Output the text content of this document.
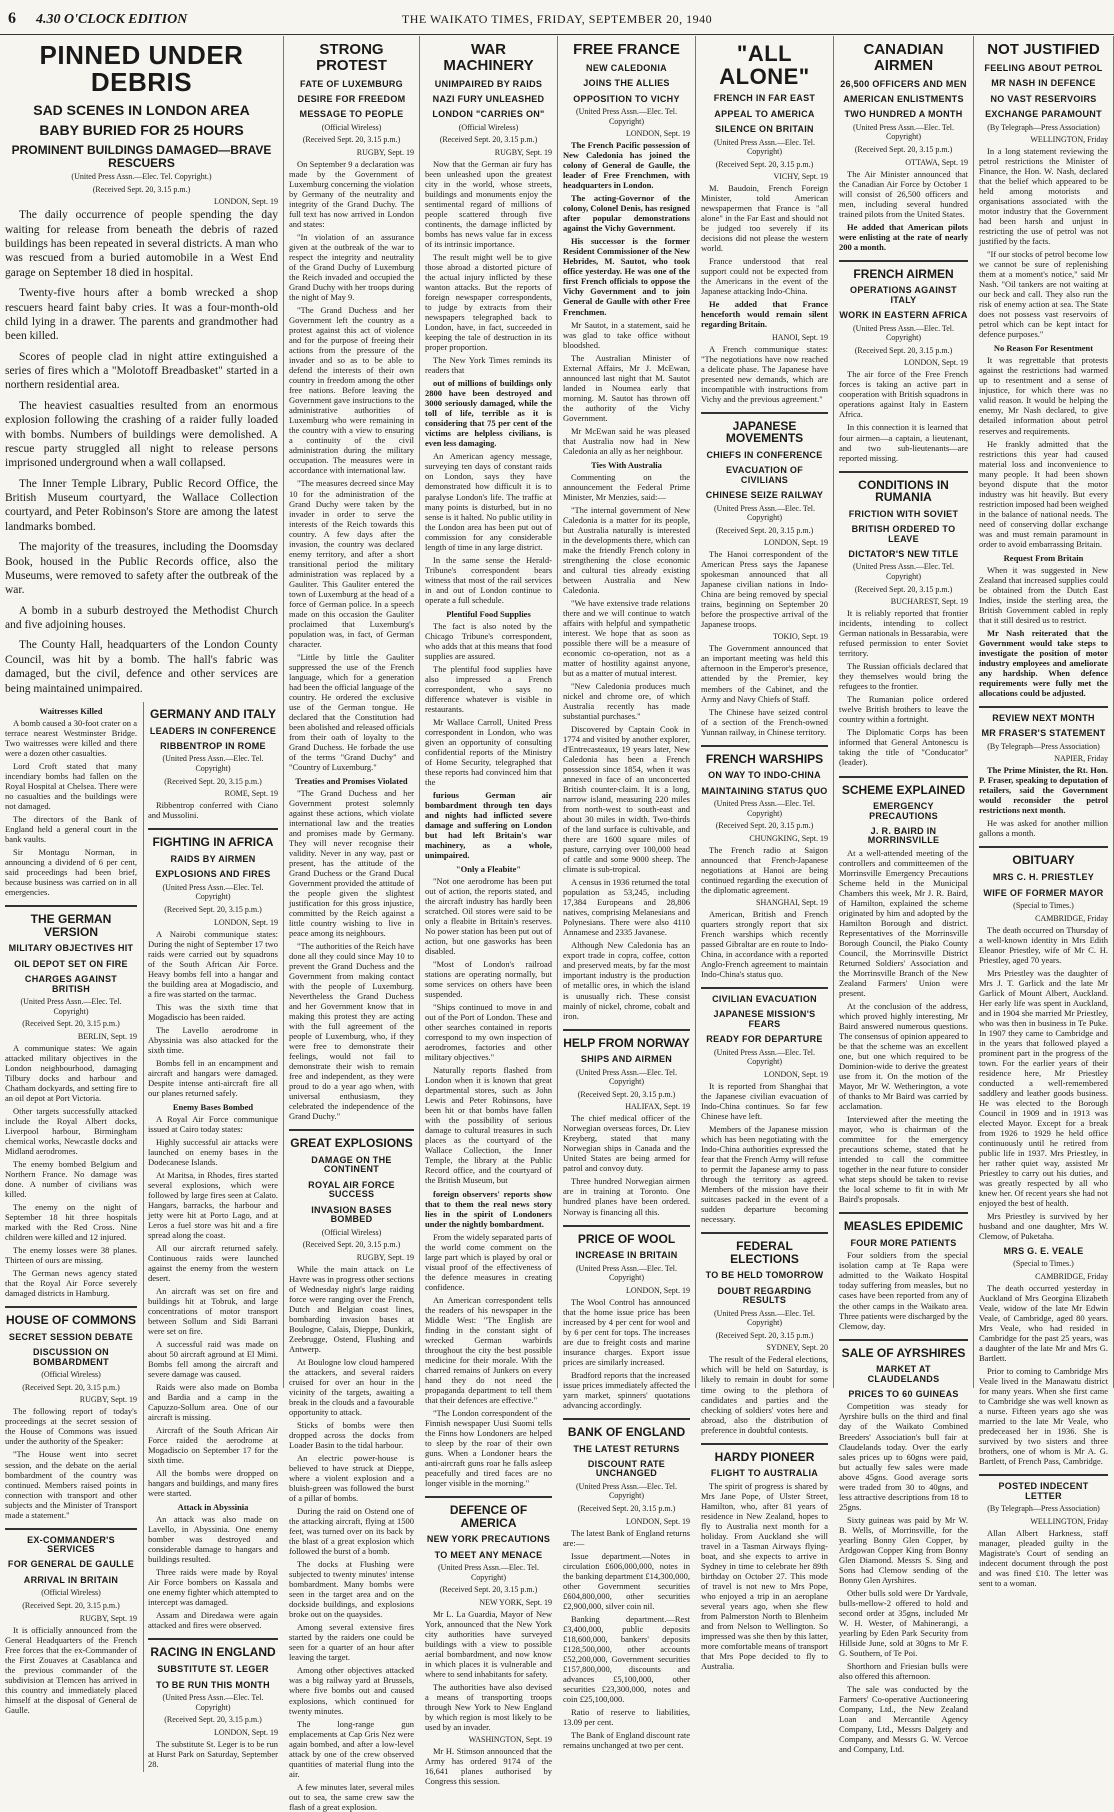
6 4.30 O'CLOCK EDITION	THE WAIKATO TIMES, FRIDAY, SEPTEMBER 20, 1940
PINNED UNDER DEBRIS
SAD SCENES IN LONDON AREA
BABY BURIED FOR 25 HOURS
PROMINENT BUILDINGS DAMAGED—BRAVE RESCUERS
(United Press Assn.—Elec. Tel. Copyright.)
(Received Sept. 20, 3.15 p.m.)
LONDON, Sept. 19

The daily occurrence of people spending the day waiting for release from beneath the debris of razed buildings has been repeated in several districts. A man who was rescued from a buried automobile in a West End garage on September 18 died in hospital.

Twenty-five hours after a bomb wrecked a shop rescuers heard faint baby cries. It was a four-month-old child lying in a drawer. The parents and grandmother had been killed.

Scores of people clad in night attire extinguished a series of fires which a "Molotoff Breadbasket" started in a northern residential area.

The heaviest casualties resulted from an enormous explosion following the crashing of a raider fully loaded with bombs. Numbers of buildings were demolished. A rescue party struggled all night to release persons imprisoned underground when a wall collapsed.

The Inner Temple Library, Public Record Office, the British Museum courtyard, the Wallace Collection courtyard, and Peter Robinson's Store are among the latest landmarks bombed.

The majority of the treasures, including the Doomsday Book, housed in the Public Records office, also the Museums, were removed to safety after the outbreak of the war.

A bomb in a suburb destroyed the Methodist Church and five adjoining houses.

The County Hall, headquarters of the London County Council, was hit by a bomb. The hall's fabric was damaged, but the civil, defence and other services are being maintained unimpaired.

Waitresses Killed

A bomb caused a 30-foot crater on a terrace nearest Westminster Bridge. Two waitresses were killed and there were a dozen other casualties.

Lord Croft stated that many incendiary bombs had fallen on the Royal Hospital at Chelsea. There were no casualties and the buildings were not damaged.

The directors of the Bank of England held a general court in the bank vaults.

Sir Montagu Norman, in announcing a dividend of 6 per cent, said proceedings had been brief, because business was carried on in all emergencies.

THE GERMAN VERSION
MILITARY OBJECTIVES HIT
OIL DEPOT SET ON FIRE
CHARGES AGAINST BRITISH
(United Press Assn.—Elec. Tel. Copyright)
(Received Sept. 20, 3.15 p.m.)
BERLIN, Sept. 19

A communique states: We again attacked military objectives in the London neighbourhood, damaging Tilbury docks and harbour and Chatham dockyards, and setting fire to an oil depot at Port Victoria.

Other targets successfully attacked include the Royal Albert docks, Liverpool harbour, Birmingham chemical works, Newcastle docks and Midland aerodromes.

The enemy bombed Belgium and Northern France. No damage was done. A number of civilians was killed.

The enemy on the night of September 18 hit three hospitals marked with the Red Cross. Nine children were killed and 12 injured.

The enemy losses were 38 planes. Thirteen of ours are missing.

The German news agency stated that the Royal Air Force severely damaged districts in Hamburg.

HOUSE OF COMMONS
SECRET SESSION DEBATE
DISCUSSION ON BOMBARDMENT
(Official Wireless)
(Received Sept. 20, 3.15 p.m.)
RUGBY, Sept. 19

The following report of today's proceedings at the secret session of the House of Commons was issued under the authority of the Speaker:

"The House went into secret session, and the debate on the aerial bombardment of the country was continued. Members raised points in connection with transport and other subjects and the Minister of Transport made a statement."

EX-COMMANDER'S SERVICES
FOR GENERAL DE GAULLE
ARRIVAL IN BRITAIN
(Official Wireless)
(Received Sept. 20, 3.15 p.m.)
RUGBY, Sept. 19

It is officially announced from the General Headquarters of the French Free forces that the ex-Commander of the First Zouaves at Casablanca and the previous commander of the subdivision at Tlemcen has arrived in this country and immediately placed himself at the disposal of General de Gaulle.

GERMANY AND ITALY
LEADERS IN CONFERENCE
RIBBENTROP IN ROME
(United Press Assn.—Elec. Tel. Copyright)
(Received Sept. 20, 3.15 p.m.)
ROME, Sept. 19

Ribbentrop conferred with Ciano and Mussolini.

FIGHTING IN AFRICA
RAIDS BY AIRMEN
EXPLOSIONS AND FIRES
(United Press Assn.—Elec. Tel. Copyright)
(Received Sept. 20, 3.15 p.m.)
LONDON, Sept. 19

A Nairobi communique states: During the night of September 17 two raids were carried out by squadrons of the South African Air Force. Heavy bombs fell into a hangar and the building area at Mogadiscio, and a fire was started on the tarmac.

This was the sixth time that Mogadiscio has been raided.

The Lavello aerodrome in Abyssinia was also attacked for the sixth time.

Bombs fell in an encampment and aircraft and hangars were damaged. Despite intense anti-aircraft fire all our planes returned safely.

Enemy Bases Bombed

A Royal Air Force communique issued at Cairo today states:

Highly successful air attacks were launched on enemy bases in the Dodecanese Islands.

At Maritsa, in Rhodes, fires started several explosions, which were followed by large fires seen at Calato. Hangars, barracks, the harbour and jetty were hit at Porto Lago, and at Leros a fuel store was hit and a fire spread along the coast.

All our aircraft returned safely. Continuous raids were launched against the enemy from the western desert.

An aircraft was set on fire and buildings hit at Tobruk, and large concentrations of motor transport between Sollum and Sidi Barrani were set on fire.

A successful raid was made on about 50 aircraft aground at El Mimi. Bombs fell among the aircraft and severe damage was caused.

Raids were also made on Bomba and Bardia and a camp in the Capuzzo-Sollum area. One of our aircraft is missing.

Aircraft of the South African Air Force raided the aerodrome at Mogadiscio on September 17 for the sixth time.

All the bombs were dropped on hangars and buildings, and many fires were started.

Attack in Abyssinia

An attack was also made on Lavello, in Abyssinia. One enemy bomber was destroyed and considerable damage to hangars and buildings resulted.

Three raids were made by Royal Air Force bombers on Kassala and one enemy fighter which attempted to intercept was damaged.

Assam and Diredawa were again attacked and fires were observed.

RACING IN ENGLAND
SUBSTITUTE ST. LEGER
TO BE RUN THIS MONTH
(United Press Assn.—Elec. Tel. Copyright)
(Received Sept. 20, 3.15 p.m.)
LONDON, Sept. 19

The substitute St. Leger is to be run at Hurst Park on Saturday, September 28.

STRONG PROTEST
FATE OF LUXEMBURG
DESIRE FOR FREEDOM
MESSAGE TO PEOPLE
(Official Wireless)
(Received Sept. 20, 3.15 p.m.)
RUGBY, Sept. 19

On September 9 a declaration was made by the Government of Luxemburg concerning the violation by Germany of the neutrality and integrity of the Grand Duchy. The full text has now arrived in London and states:

"In violation of an assurance given at the outbreak of the war to respect the integrity and neutrality of the Grand Duchy of Luxemburg the Reich invaded and occupied the Grand Duchy with her troops during the night of May 9.

"The Grand Duchess and her Government left the country as a protest against this act of violence and for the purpose of freeing their actions from the pressure of the invader and so as to be able to defend the interests of their own country in freedom among the other free nations. Before leaving the Government gave instructions to the administrative authorities of Luxemburg who were remaining in the country with a view to ensuring a continuity of the civil administration during the military occupation. The measures were in accordance with international law.

"The measures decreed since May 10 for the administration of the Grand Duchy were taken by the invader in order to serve the interests of the Reich towards this country. A few days after the invasion, the country was declared enemy territory, and after a short transitional period the military administration was replaced by a Gauliter. This Gauliter entered the town of Luxemburg at the head of a force of German police. In a speech made on this occasion the Gauliter proclaimed that Luxemburg's population was, in fact, of German character.

"Little by little the Gauliter suppressed the use of the French language, which for a generation had been the official language of the country. He ordered the exclusive use of the German tongue. He declared that the Constitution had been abolished and released officials from their oath of loyalty to the Grand Duchess. He forbade the use of the terms "Grand Duchy" and "Country of Luxemburg."

Treaties and Promises Violated

"The Grand Duchess and her Government protest solemnly against these actions, which violate international law and the treaties and promises made by Germany. They will never recognise their validity. Never in any way, past or present, has the attitude of the Grand Duchess or the Grand Ducal Government provided the attitude of the people given the slightest justification for this gross injustice, committed by the Reich against a little country wishing to live in peace among its neighbours.

"The authorities of the Reich have done all they could since May 10 to prevent the Grand Duchess and the Government from making contact with the people of Luxemburg. Nevertheless the Grand Duchess and her Government know that in making this protest they are acting with the full agreement of the people of Luxemburg, who, if they were free to demonstrate their feelings, would not fail to demonstrate their wish to remain free and independent, as they were proud to do a year ago when, with universal enthusiasm, they celebrated the independence of the Grand Duchy."

GREAT EXPLOSIONS
DAMAGE ON THE CONTINENT
ROYAL AIR FORCE SUCCESS
INVASION BASES BOMBED
(Official Wireless)
(Received Sept. 20, 3.15 p.m.)
RUGBY, Sept. 19

While the main attack on Le Havre was in progress other sections of Wednesday night's large raiding force were ranging over the French, Dutch and Belgian coast lines, bombarding invasion bases at Boulogne, Calais, Dieppe, Dunkirk, Zeebrugge, Ostend, Flushing and Antwerp.

At Boulogne low cloud hampered the attackers, and several raiders cruised for over an hour in the vicinity of the targets, awaiting a break in the clouds and a favourable opportunity to attack.

Sticks of bombs were then dropped across the docks from Loader Basin to the tidal harbour.

An electric power-house is believed to have struck at Dieppe, where a violent explosion and a bluish-green was followed the burst of a pillar of bombs.

During the raid on Ostend one of the attacking aircraft, flying at 1500 feet, was turned over on its back by the blast of a great explosion which followed the burst of a bomb.

The docks at Flushing were subjected to twenty minutes' intense bombardment. Many bombs were seen in the target area and on the dockside buildings, and explosions broke out on the quaysides.

Among several extensive fires started by the raiders one could be seen for a quarter of an hour after leaving the target.

Among other objectives attacked was a big railway yard at Brussels, where five bombs out and caused explosions, which continued for twenty minutes.

The long-range gun emplacements at Cap Gris Nez were again bombed, and after a low-level attack by one of the crew observed quantities of material flung into the air.

A few minutes later, several miles out to sea, the same crew saw the flash of a great explosion.

WAR MACHINERY
UNIMPAIRED BY RAIDS
NAZI FURY UNLEASHED
LONDON "CARRIES ON"
(Official Wireless)
(Received Sept. 20, 3.15 p.m.)
RUGBY, Sept. 19

Now that the German air fury has been unleashed upon the greatest city in the world, whose streets, buildings and monuments enjoy the sentimental regard of millions of people scattered through five continents, the damage inflicted by bombs has news value far in excess of its intrinsic importance.

The result might well be to give those abroad a distorted picture of the actual injury inflicted by these wanton attacks. But the reports of foreign newspaper correspondents, to judge by extracts from their newspapers telegraphed back to London, have, in fact, succeeded in keeping the tale of destruction in its proper proportion.

The New York Times reminds its readers that

out of millions of buildings only 2800 have been destroyed and 3000 seriously damaged, while the toll of life, terrible as it is considering that 75 per cent of the victims are helpless civilians, is even less damaging.

An American agency message, surveying ten days of constant raids on London, says they have demonstrated how difficult it is to paralyse London's life. The traffic at many points is disturbed, but in no sense is it halted. No public utility in the London area has been put out of commission for any considerable length of time in any large district.

In the same sense the Herald-Tribune's correspondent bears witness that most of the rail services in and out of London continue to operate a full schedule.

Plentiful Food Supplies

The fact is also noted by the Chicago Tribune's correspondent, who adds that at this means that food supplies are assured.

The plentiful food supplies have also impressed a French correspondent, who says no difference whatever is visible in restaurants.

Mr Wallace Carroll, United Press correspondent in London, who was given an opportunity of consulting confidential reports of the Ministry of Home Security, telegraphed that these reports had convinced him that the

furious German air bombardment through ten days and nights had inflicted severe damage and suffering on London but had left Britain's war machinery, as a whole, unimpaired.

"Only a Fleabite"

"Not one aerodrome has been put out of action, the reports stated, and the aircraft industry has hardly been scratched. Oil stores were said to be only a fleabite in Britain's reserves. No power station has been put out of action, but one gasworks has been disabled.

"Most of London's railroad stations are operating normally, but some services on others have been suspended.

"Ships continued to move in and out of the Port of London. These and other searches contained in reports correspond to my own inspection of aerodromes, factories and other military objectives."

Naturally reports flashed from London when it is known that great departmental stores, such as John Lewis and Peter Robinsons, have been hit or that bombs have fallen with the possibility of serious damage to cultural treasures in such places as the courtyard of the Wallace Collection, the Inner Temple, the library at the Public Record office, and the courtyard of the British Museum, but

foreign observers' reports show that to them the real news story lies in the spirit of Londoners under the nightly bombardment.

From the widely separated parts of the world come comment on the large part which is played by oral or visual proof of the effectiveness of the defence measures in creating confidence.

An American correspondent tells the readers of his newspaper in the Middle West: "The English are finding in the constant sight of wrecked German warbirds throughout the city the best possible medicine for their morale. With the charred remains of Junkers on every hand they do not need the propaganda department to tell them that their defences are effective."

"The London correspondent of the Finnish newspaper Uusi Suomi tells the Finns how Londoners are helped to sleep by the roar of their own guns. When a Londoner hears the anti-aircraft guns roar he falls asleep peacefully and tired faces are no longer visible in the morning."

DEFENCE OF AMERICA
NEW YORK PRECAUTIONS
TO MEET ANY MENACE
(United Press Assn.—Elec. Tel. Copyright)
(Received Sept. 20, 3.15 p.m.)
NEW YORK, Sept. 19

Mr L. La Guardia, Mayor of New York, announced that the New York city authorities have surveyed buildings with a view to possible aerial bombardment, and now know in which places it is vulnerable and where to send inhabitants for safety.

The authorities have also devised a means of transporting troops through New York to New England by which region is most likely to be used by an invader.

WASHINGTON, Sept. 19

Mr H. Stimson announced that the Army has ordered 9174 of the 16,641 planes authorised by Congress this session.

FREE FRANCE
NEW CALEDONIA
JOINS THE ALLIES
OPPOSITION TO VICHY
(United Press Assn.—Elec. Tel. Copyright)
LONDON, Sept. 19

The French Pacific possession of New Caledonia has joined the colony of General de Gaulle, the leader of Free Frenchmen, with headquarters in London.

The acting-Governor of the colony, Colonel Denis, has resigned after popular demonstrations against the Vichy Government.

His successor is the former Resident Commissioner of the New Hebrides, M. Sautot, who took office yesterday. He was one of the first French officials to oppose the Vichy Government and to join General de Gaulle with other Free Frenchmen.

Mr Sautot, in a statement, said he was glad to take office without bloodshed.

The Australian Minister of External Affairs, Mr J. McEwan, announced last night that M. Sautot landed in Noumea early that morning. M. Sautot has thrown off the authority of the Vichy Government.

Mr McEwan said he was pleased that Australia now had in New Caledonia an ally as her neighbour.

Ties With Australia

Commenting on the announcement the Federal Prime Minister, Mr Menzies, said:—

"The internal government of New Caledonia is a matter for its people, but Australia naturally is interested in the developments there, which can make the friendly French colony in strengthening the close economic and cultural ties already existing between Australia and New Caledonia.

"We have extensive trade relations there and we will continue to watch affairs with helpful and sympathetic interest. We hope that as soon as possible there will be a measure of economic co-operation, not as a matter of hostility against anyone, but as a matter of mutual interest.

"New Caledonia produces much nickel and chrome ore, of which Australia recently has made substantial purchases."

Discovered by Captain Cook in 1774 and visited by another explorer, d'Entrecasteaux, 19 years later, New Caledonia has been a French possession since 1854, when it was annexed in face of an unconcerted British counter-claim. It is a long, narrow island, measuring 220 miles from north-west to south-east and about 30 miles in width. Two-thirds of the land surface is cultivable, and there are 1600 square miles of pasture, carrying over 100,000 head of cattle and some 9000 sheep. The climate is sub-tropical.

A census in 1936 returned the total population as 53,245, including 17,384 Europeans and 28,806 natives, comprising Melanesians and Polynesians. There were also 4110 Annamese and 2335 Javanese.

Although New Caledonia has an export trade in copra, coffee, cotton and preserved meats, by far the most important industry is the production of metallic ores, in which the island is unusually rich. These consist mainly of nickel, chrome, cobalt and iron.

HELP FROM NORWAY
SHIPS AND AIRMEN
(United Press Assn.—Elec. Tel. Copyright)
(Received Sept. 20, 3.15 p.m.)
HALIFAX, Sept. 19

The chief medical officer of the Norwegian overseas forces, Dr. Liev Kreyberg, stated that many Norwegian ships in Canada and the United States are being armed for patrol and convoy duty.

Three hundred Norwegian airmen are in training at Toronto. One hundred planes have been ordered. Norway is financing all this.

PRICE OF WOOL
INCREASE IN BRITAIN
(United Press Assn.—Elec. Tel. Copyright)
LONDON, Sept. 19

The Wool Control has announced that the home issue price has been increased by 4 per cent for wool and by 6 per cent for tops. The increases are due to freight costs and marine insurance charges. Export issue prices are similarly increased.

Bradford reports that the increased issue prices immediately affected the yarn market, spinners' quotations advancing accordingly.

BANK OF ENGLAND
THE LATEST RETURNS
DISCOUNT RATE UNCHANGED
(United Press Assn.—Elec. Tel. Copyright)
(Received Sept. 20, 3.15 p.m.)
LONDON, Sept. 19

The latest Bank of England returns are:—

Issue department.—Notes in circulation £606,000,000, notes in the banking department £14,300,000, other Government securities £604,800,000, other securities £2,900,000, silver coin nil.

Banking department.—Rest £3,400,000, public deposits £18,600,000, bankers' deposits £128,500,000, other accounts £52,200,000, Government securities £157,800,000, discounts and advances £5,100,000, other securities £23,300,000, notes and coin £25,100,000.

Ratio of reserve to liabilities, 13.09 per cent.

The Bank of England discount rate remains unchanged at two per cent.

"ALL ALONE"
FRENCH IN FAR EAST
APPEAL TO AMERICA
SILENCE ON BRITAIN
(United Press Assn.—Elec. Tel. Copyright)
(Received Sept. 20, 3.15 p.m.)
VICHY, Sept. 19

M. Baudoin, French Foreign Minister, told American newspapermen that France is "all alone" in the Far East and should not be judged too severely if its decisions did not please the western world.

France understood that real support could not be expected from the Americans in the event of the Japanese attacking Indo-China.

He added that France henceforth would remain silent regarding Britain.

HANOI, Sept. 19

A French communique states: "The negotiations have now reached a delicate phase. The Japanese have presented new demands, which are incompatible with instructions from Vichy and the previous agreement."

JAPANESE MOVEMENTS
CHIEFS IN CONFERENCE
EVACUATION OF CIVILIANS
CHINESE SEIZE RAILWAY
(United Press Assn.—Elec. Tel. Copyright)
(Received Sept. 20, 3.15 p.m.)
LONDON, Sept. 19

The Hanoi correspondent of the American Press says the Japanese spokesman announced that all Japanese civilian nations in Indo-China are being removed by special trains, beginning on September 20 before the prospective arrival of the Japanese troops.

TOKIO, Sept. 19

The Government announced that an important meeting was held this afternoon in the Emperor's presence, attended by the Premier, key members of the Cabinet, and the Army and Navy Chiefs of Staff.

The Chinese have seized control of a section of the French-owned Yunnan railway, in Chinese territory.

FRENCH WARSHIPS
ON WAY TO INDO-CHINA
MAINTAINING STATUS QUO
(United Press Assn.—Elec. Tel. Copyright)
(Received Sept. 20, 3.15 p.m.)
CHUNGKING, Sept. 19

The French radio at Saigon announced that French-Japanese negotiations at Hanoi are being continued regarding the execution of the diplomatic agreement.

SHANGHAI, Sept. 19

American, British and French quarters strongly report that six French warships which recently passed Gibraltar are en route to Indo-China, in accordance with a reported Anglo-French agreement to maintain Indo-China's status quo.

CIVILIAN EVACUATION
JAPANESE MISSION'S FEARS
READY FOR DEPARTURE
(United Press Assn.—Elec. Tel. Copyright)
LONDON, Sept. 19

It is reported from Shanghai that the Japanese civilian evacuation of Indo-China continues. So far few Chinese have left.

Members of the Japanese mission which has been negotiating with the Indo-China authorities expressed the fear that the French Army will refuse to permit the Japanese army to pass through the territory as agreed. Members of the mission have their suitcases packed in the event of a sudden departure becoming necessary.

FEDERAL ELECTIONS
TO BE HELD TOMORROW
DOUBT REGARDING RESULTS
(United Press Assn.—Elec. Tel. Copyright)
(Received Sept. 20, 3.15 p.m.)
SYDNEY, Sept. 20

The result of the Federal elections, which will be held on Saturday, is likely to remain in doubt for some time owing to the plethora of candidates and parties and the checking of soldiers' votes here and abroad, also the distribution of preference in doubtful contests.

HARDY PIONEER
FLIGHT TO AUSTRALIA

The spirit of progress is shared by Mrs Jane Pope, of Ulster Street, Hamilton, who, after 81 years of residence in New Zealand, hopes to fly to Australia next month for a holiday. From Auckland she will travel in a Tasman Airways flying-boat, and she expects to arrive in Sydney in time to celebrate her 89th birthday on October 27. This mode of travel is not new to Mrs Pope, who enjoyed a trip in an aeroplane several years ago, when she flew from Palmerston North to Blenheim and from Nelson to Wellington. So impressed was she then by this latter, more comfortable means of transport that Mrs Pope decided to fly to Australia.

CANADIAN AIRMEN
26,500 OFFICERS AND MEN
AMERICAN ENLISTMENTS
TWO HUNDRED A MONTH
(United Press Assn.—Elec. Tel. Copyright)
(Received Sept. 20, 3.15 p.m.)
OTTAWA, Sept. 19

The Air Minister announced that the Canadian Air Force by October 1 will consist of 26,500 officers and men, including several hundred trained pilots from the United States.

He added that American pilots were enlisting at the rate of nearly 200 a month.

FRENCH AIRMEN
OPERATIONS AGAINST ITALY
WORK IN EASTERN AFRICA
(United Press Assn.—Elec. Tel. Copyright)
(Received Sept. 20, 3.15 p.m.)
LONDON, Sept. 19

The air force of the Free French forces is taking an active part in cooperation with British squadrons in operations against Italy in Eastern Africa.

In this connection it is learned that four airmen—a captain, a lieutenant, and two sub-lieutenants—are reported missing.

CONDITIONS IN RUMANIA
FRICTION WITH SOVIET
BRITISH ORDERED TO LEAVE
DICTATOR'S NEW TITLE
(United Press Assn.—Elec. Tel. Copyright)
(Received Sept. 20, 3.15 p.m.)
BUCHAREST, Sept. 19

It is reliably reported that frontier incidents, intending to collect German nationals in Bessarabia, were refused permission to enter Soviet territory.

The Russian officials declared that they themselves would bring the refugees to the frontier.

The Rumanian police ordered twelve British brothers to leave the country within a fortnight.

The Diplomatic Corps has been informed that General Antonescu is taking the title of "Conducator" (leader).

SCHEME EXPLAINED
EMERGENCY PRECAUTIONS
J. R. BAIRD IN MORRINSVILLE

At a well-attended meeting of the controllers and committeemen of the Morrinsville Emergency Precautions Scheme held in the Municipal Chambers this week, Mr J. R. Baird, of Hamilton, explained the scheme originated by him and adopted by the Hamilton Borough and district. Representatives of the Morrinsville Borough Council, the Piako County Council, the Morrinsville District Returned Soldiers' Association and the Morrinsville Branch of the New Zealand Farmers' Union were present.

At the conclusion of the address, which proved highly interesting, Mr Baird answered numerous questions. The consensus of opinion appeared to be that the scheme was an excellent one, but one which required to be Dominion-wide to derive the greatest use from it. On the motion of the Mayor, Mr W. Wetherington, a vote of thanks to Mr Baird was carried by acclamation.

Interviewed after the meeting the mayor, who is chairman of the committee for the emergency precautions scheme, stated that he intended to call the committee together in the near future to consider what steps should be taken to revise the local scheme to fit in with Mr Baird's proposals.

MEASLES EPIDEMIC
FOUR MORE PATIENTS

Four soldiers from the special isolation camp at Te Rapa were admitted to the Waikato Hospital today suffering from measles, but no cases have been reported from any of the other camps in the Waikato area. Three patients were discharged by the Clemow, day.

SALE OF AYRSHIRES
MARKET AT CLAUDELANDS
PRICES TO 60 GUINEAS

Competition was steady for Ayrshire bulls on the third and final day of the Waikato Combined Breeders' Association's bull fair at Claudelands today. Over the early sales prices up to 60gns were paid, but actually few sales were made above 45gns. Good average sorts were traded from 30 to 40gns, and less attractive descriptions from 18 to 25gns.

Sixty guineas was paid by Mr W. B. Wells, of Morrinsville, for the yearling Bonny Glen Copper, by Ardgowan Copper King from Bonny Glen Diamond. Messrs S. Sing and Sons had Clemow sending of the Bonny Glen Ayrshires.

Other bulls sold were Dr Yardvale, bulls-mellow-2 offered to hold and second order at 35gns, included Mr W. H. Wester, of Mahinerangi, a yearling by Eden Park Security from Hillside June, sold at 30gns to Mr F. G. Southern, of Te Poi.

Shorthorn and Friesian bulls were also offered this afternoon.

The sale was conducted by the Farmers' Co-operative Auctioneering Company, Ltd., the New Zealand Loan and Mercantile Agency Company, Ltd., Messrs Dalgety and Company, and Messrs G. W. Vercoe and Company, Ltd.

NOT JUSTIFIED
FEELING ABOUT PETROL
MR NASH IN DEFENCE
NO VAST RESERVOIRS
EXCHANGE PARAMOUNT
(By Telegraph—Press Association)
WELLINGTON, Friday

In a long statement reviewing the petrol restrictions the Minister of Finance, the Hon. W. Nash, declared that the belief which appeared to be held among motorists and organisations associated with the motor industry that the Government had been harsh and unjust in restricting the use of petrol was not justified by the facts.

"If our stocks of petrol become low we cannot be sure of replenishing them at a moment's notice," said Mr Nash. "Oil tankers are not waiting at our beck and call. They also run the risk of enemy action at sea. The State does not possess vast reservoirs of petrol which can be kept intact for defence purposes."

No Reason For Resentment

It was regrettable that protests against the restrictions had warmed up to resentment and a sense of injustice, for which there was no valid reason. It would be helping the enemy, Mr Nash declared, to give detailed information about petrol reserves and requirements.

He frankly admitted that the restrictions this year had caused material loss and inconvenience to many people. It had been shown beyond dispute that the motor industry was hit heavily. But every restriction imposed had been weighed in the balance of national needs. The need of conserving dollar exchange was and must remain paramount in order to avoid embarrassing Britain.

Request From Britain

When it was suggested in New Zealand that increased supplies could be obtained from the Dutch East Indies, inside the sterling area, the British Government cabled in reply that it still desired us to restrict.

Mr Nash reiterated that the Government would take steps to investigate the position of motor industry employees and ameliorate any hardship. When defence requirements were fully met the allocations could be adjusted.

REVIEW NEXT MONTH
MR FRASER'S STATEMENT
(By Telegraph—Press Association)
NAPIER, Friday

The Prime Minister, the Rt. Hon. P. Fraser, speaking to deputation of retailers, said the Government would reconsider the petrol restrictions next month.

He was asked for another million gallons a month.

OBITUARY
MRS C. H. PRIESTLEY
WIFE OF FORMER MAYOR
(Special to Times.)
CAMBRIDGE, Friday

The death occurred on Thursday of a well-known identity in Mrs Edith Eleanor Priestley, wife of Mr C. H. Priestley, aged 70 years.

Mrs Priestley was the daughter of Mrs J. T. Garlick and the late Mr Garlick of Mount Albert, Auckland. Her early life was spent in Auckland, and in 1904 she married Mr Priestley, who was then in business in Te Puke. In 1907 they came to Cambridge and in the years that followed played a prominent part in the progress of the town. For the earlier years of their residence here, Mr Priestley conducted a well-remembered saddlery and leather goods business. He was elected to the Borough Council in 1909 and in 1913 was elected Mayor. Except for a break from 1926 to 1929 he held office continuously until he retired from public life in 1937. Mrs Priestley, in her rather quiet way, assisted Mr Priestley to carry out his duties, and was greatly respected by all who knew her. Of recent years she had not enjoyed the best of health.

Mrs Priestley is survived by her husband and one daughter, Mrs W. Clemow, of Puketaha.

MRS G. E. VEALE
(Special to Times.)
CAMBRIDGE, Friday

The death occurred yesterday in Auckland of Mrs Georgina Elizabeth Veale, widow of the late Mr Edwin Veale, of Cambridge, aged 80 years. Mrs Veale, who had resided in Cambridge for the past 25 years, was a daughter of the late Mr and Mrs G. Bartlett.

Prior to coming to Cambridge Mrs Veale lived in the Manawatu district for many years. When she first came to Cambridge she was well known as a nurse. Fifteen years ago she was married to the late Mr Veale, who predeceased her in 1936. She is survived by two sisters and three brothers, one of whom is Mr A. G. Bartlett, of French Pass, Cambridge.

POSTED INDECENT LETTER
(By Telegraph—Press Association)
WELLINGTON, Friday

Allan Albert Harkness, staff manager, pleaded guilty in the Magistrate's Court of sending an indecent document through the post and was fined £10. The letter was sent to a woman.
